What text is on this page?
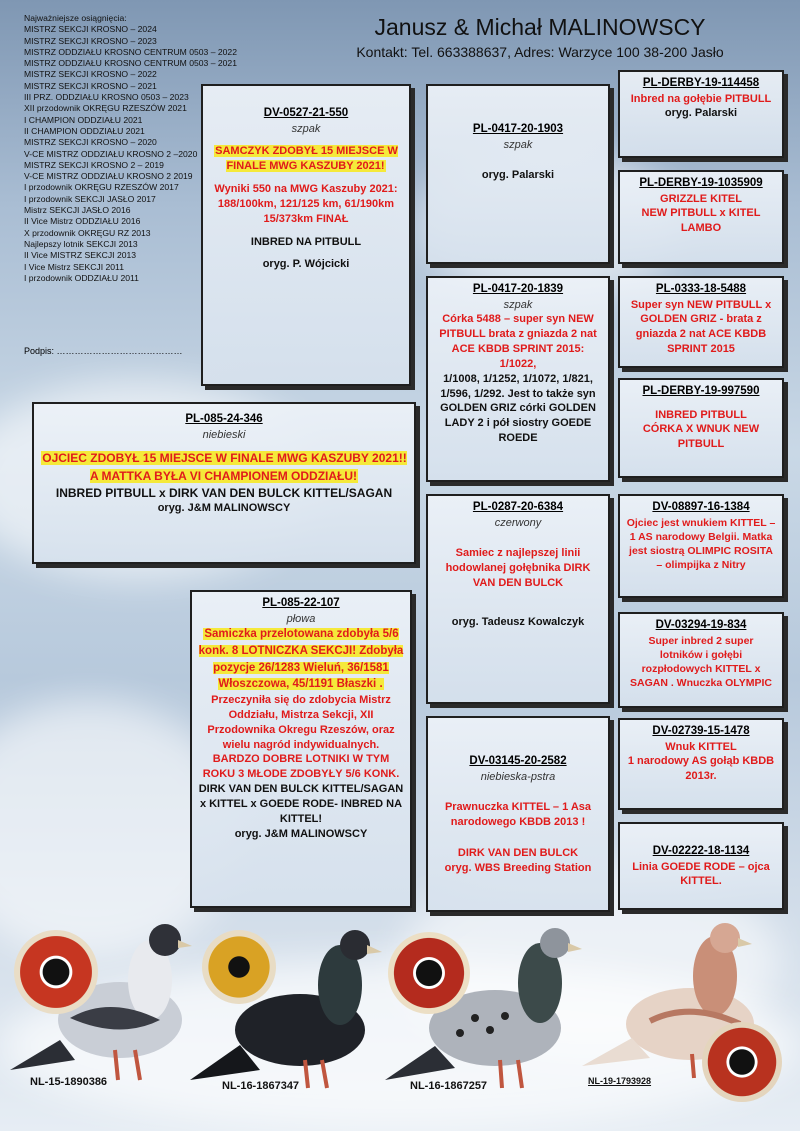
Janusz & Michał MALINOWSCY
Kontakt: Tel. 663388637, Adres: Warzyce 100 38-200 Jasło
Najważniejsze osiągnięcia:
MISTRZ SEKCJI KROSNO – 2024
MISTRZ SEKCJI KROSNO – 2023
MISTRZ ODDZIAŁU KROSNO CENTRUM 0503 – 2022
MISTRZ ODDZIAŁU KROSNO CENTRUM 0503 – 2021
MISTRZ SEKCJI KROSNO – 2022
MISTRZ SEKCJI KROSNO – 2021
III PRZ. ODDZIAŁU KROSNO 0503 – 2023
XII przodownik OKRĘGU RZESZÓW 2021
I CHAMPION ODDZIAŁU 2021
II CHAMPION ODDZIAŁU 2021
MISTRZ SEKCJI KROSNO – 2020
V-CE MISTRZ ODDZIAŁU KROSNO 2 –2020
MISTRZ SEKCJI KROSNO 2 – 2019
V-CE MISTRZ ODDZIAŁU KROSNO 2 2019
I przodownik OKRĘGU RZESZÓW 2017
I przodownik SEKCJI JASŁO 2017
Mistrz SEKCJI JASŁO 2016
II Vice Mistrz ODDZIAŁU 2016
X przodownik OKRĘGU RZ 2013
Najlepszy lotnik SEKCJI 2013
II Vice MISTRZ SEKCJI 2013
I Vice Mistrz SEKCJI 2011
I przodownik ODDZIAŁU 2011
Podpis: ……………………………………
DV-0527-21-550
szpak
SAMCZYK ZDOBYŁ 15 MIEJSCE W FINALE MWG KASZUBY 2021!
Wyniki 550 na MWG Kaszuby 2021:
188/100km, 121/125 km, 61/190km 15/373km FINAŁ
INBRED NA PITBULL
oryg. P. Wójcicki
PL-0417-20-1903
szpak
oryg. Palarski
PL-DERBY-19-114458
Inbred na gołębie PITBULL
oryg. Palarski
PL-DERBY-19-1035909
GRIZZLE KITEL
NEW PITBULL x KITEL LAMBO
PL-0417-20-1839
szpak
Córka 5488 – super syn NEW PITBULL brata z gniazda 2 nat ACE KBDB SPRINT 2015: 1/1022,
1/1008, 1/1252, 1/1072, 1/821, 1/596, 1/292. Jest to także syn GOLDEN GRIZ córki GOLDEN LADY 2 i pół siostry GOEDE ROEDE
PL-0333-18-5488
Super syn NEW PITBULL x GOLDEN GRIZ - brata z gniazda 2 nat ACE KBDB SPRINT 2015
PL-DERBY-19-997590
INBRED PITBULL
CÓRKA X WNUK NEW PITBULL
PL-085-24-346
niebieski
OJCIEC ZDOBYŁ 15 MIEJSCE W FINALE MWG KASZUBY 2021!! A MATTKA BYŁA VI CHAMPIONEM ODDZIAŁU!
INBRED PITBULL x DIRK VAN DEN BULCK KITTEL/SAGAN
oryg. J&M MALINOWSCY	PL-0287-20-6384
czerwony
Samiec z najlepszej linii hodowlanej gołębnika DIRK VAN DEN BULCK
oryg. Tadeusz Kowalczyk
DV-08897-16-1384
Ojciec jest wnukiem KITTEL – 1 AS narodowy Belgii. Matka jest siostrą OLIMPIC ROSITA – olimpijka z Nitry
PL-085-22-107
płowa
Samiczka przelotowana zdobyła 5/6 konk. 8 LOTNICZKA SEKCJI! Zdobyła pozycje 26/1283 Wieluń, 36/1581 Włoszczowa, 45/1191 Błaszki .
Przeczyniła się do zdobycia Mistrz Oddziału, Mistrza Sekcji, XII Przodownika Okregu Rzeszów, oraz wielu nagród indywidualnych. BARDZO DOBRE LOTNIKI W TYM ROKU 3 MŁODE ZDOBYŁY 5/6 KONK.
DIRK VAN DEN BULCK KITTEL/SAGAN x KITTEL x GOEDE RODE- INBRED NA KITTEL!
oryg. J&M MALINOWSCY
DV-03294-19-834
Super inbred 2 super lotników i gołębi rozpłodowych KITTEL x SAGAN . Wnuczka OLYMPIC
DV-03145-20-2582
niebieska-pstra
Prawnuczka KITTEL – 1 Asa narodowego KBDB 2013 !
DIRK VAN DEN BULCK
oryg. WBS Breeding Station
DV-02739-15-1478
Wnuk KITTEL
1 narodowy AS gołąb KBDB 2013r.
DV-02222-18-1134
Linia GOEDE RODE – ojca KITTEL.
NL-15-1890386	NL-16-1867347	NL-16-1867257	NL-19-1793928
